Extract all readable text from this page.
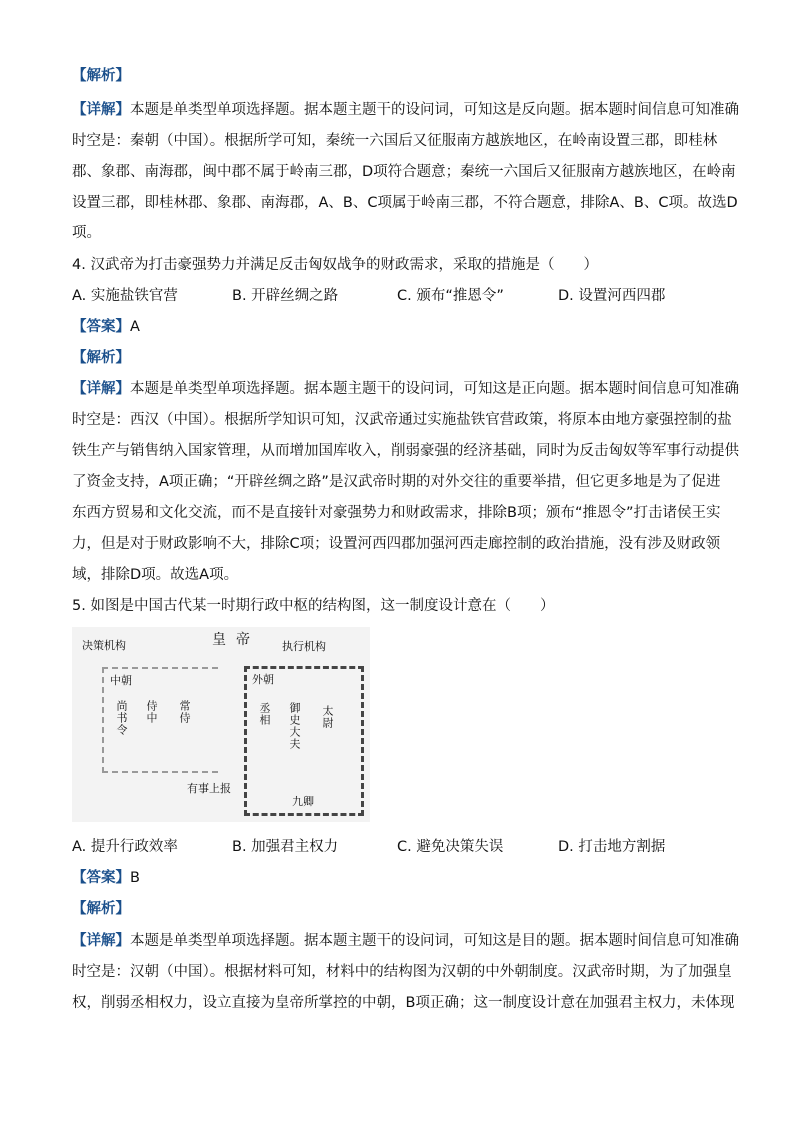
【解析】
【详解】本题是单类型单项选择题。据本题主题干的设问词，可知这是反向题。据本题时间信息可知准确
时空是：秦朝（中国）。根据所学可知，秦统一六国后又征服南方越族地区，在岭南设置三郡，即桂林
郡、象郡、南海郡，闽中郡不属于岭南三郡，D项符合题意；秦统一六国后又征服南方越族地区，在岭南
设置三郡，即桂林郡、象郡、南海郡，A、B、C项属于岭南三郡，不符合题意，排除A、B、C项。故选D
项。
4. 汉武帝为打击豪强势力并满足反击匈奴战争的财政需求，采取的措施是（　　）
A. 实施盐铁官营	B. 开辟丝绸之路	C. 颁布“推恩令”	D. 设置河西四郡
【答案】A
【解析】
【详解】本题是单类型单项选择题。据本题主题干的设问词，可知这是正向题。据本题时间信息可知准确
时空是：西汉（中国）。根据所学知识可知，汉武帝通过实施盐铁官营政策，将原本由地方豪强控制的盐
铁生产与销售纳入国家管理，从而增加国库收入，削弱豪强的经济基础，同时为反击匈奴等军事行动提供
了资金支持，A项正确；“开辟丝绸之路”是汉武帝时期的对外交往的重要举措，但它更多地是为了促进
东西方贸易和文化交流，而不是直接针对豪强势力和财政需求，排除B项；颁布“推恩令”打击诸侯王实
力，但是对于财政影响不大，排除C项；设置河西四郡加强河西走廊控制的政治措施，没有涉及财政领
域，排除D项。故选A项。
5. 如图是中国古代某一时期行政中枢的结构图，这一制度设计意在（　　）
决策机构	皇帝 执行机构
中朝
尚书令 侍中 常侍
外朝
丞相 御史大夫 太尉
有事上报
九卿
A. 提升行政效率	B. 加强君主权力	C. 避免决策失误	D. 打击地方割据
【答案】B
【解析】
【详解】本题是单类型单项选择题。据本题主题干的设问词，可知这是目的题。据本题时间信息可知准确
时空是：汉朝（中国）。根据材料可知，材料中的结构图为汉朝的中外朝制度。汉武帝时期，为了加强皇
权，削弱丞相权力，设立直接为皇帝所掌控的中朝，B项正确；这一制度设计意在加强君主权力，未体现
